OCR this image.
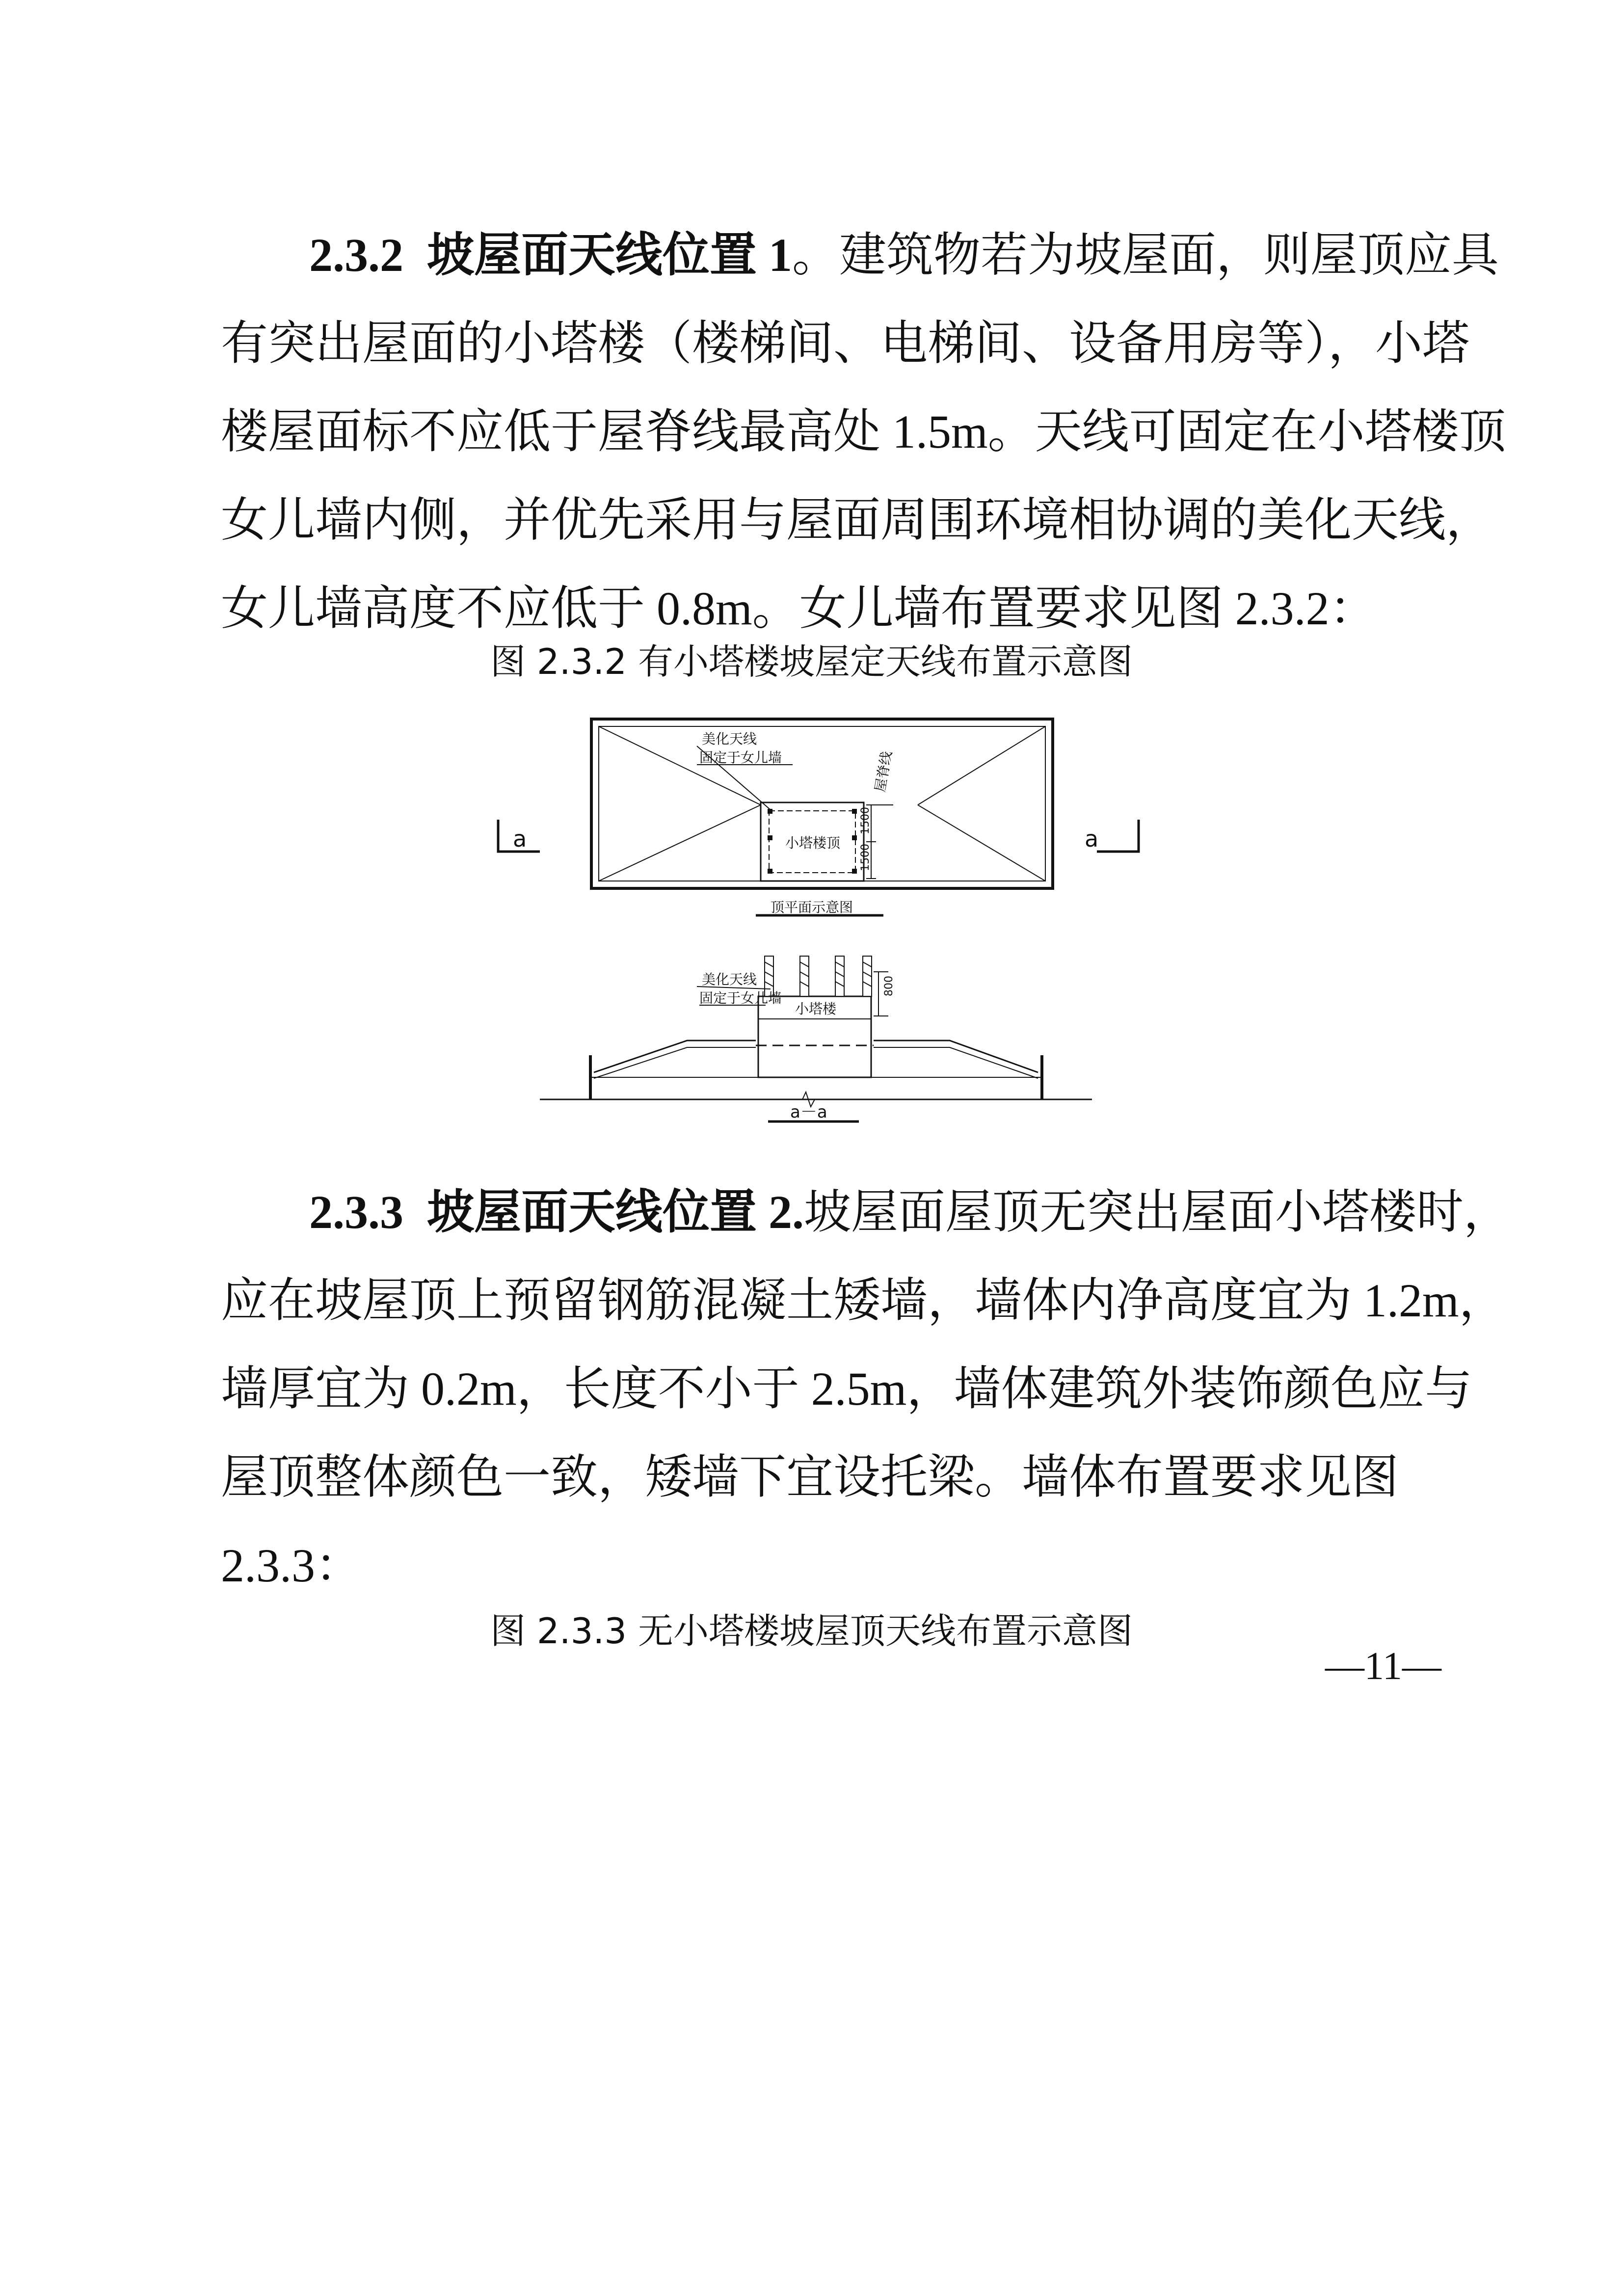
2.3.2 坡屋面天线位置 1。建筑物若为坡屋面，则屋顶应具

有突出屋面的小塔楼（楼梯间、电梯间、设备用房等），小塔

楼屋面标不应低于屋脊线最高处 1.5m。天线可固定在小塔楼顶

女儿墙内侧，并优先采用与屋面周围环境相协调的美化天线，

女儿墙高度不应低于 0.8m。女儿墙布置要求见图 2.3.2：

图 2.3.2 有小塔楼坡屋定天线布置示意图

美化天线
固定于女儿墙	屋脊线
1500
1500
小塔楼顶
a	a
顶平面示意图
美化天线
固定于女儿墙
小塔楼
800
a－a

2.3.3 坡屋面天线位置 2.坡屋面屋顶无突出屋面小塔楼时，

应在坡屋顶上预留钢筋混凝土矮墙，墙体内净高度宜为 1.2m，

墙厚宜为 0.2m，长度不小于 2.5m，墙体建筑外装饰颜色应与

屋顶整体颜色一致，矮墙下宜设托梁。墙体布置要求见图

2.3.3：

图 2.3.3 无小塔楼坡屋顶天线布置示意图

—11—
